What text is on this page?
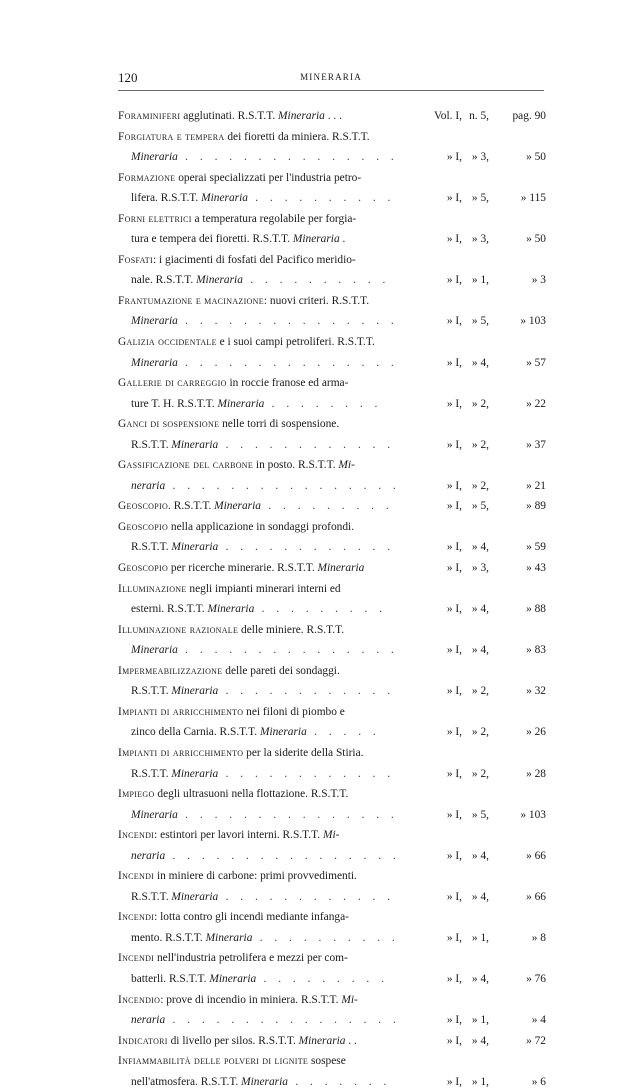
120	MINERARIA
Foraminiferi agglutinati. R.S.T.T. Mineraria . . .	Vol. I, n. 5, pag. 90
Forgiatura e tempera dei fioretti da miniera. R.S.T.T.
Mineraria . . . . . . . . . . . . . . .	» I, » 3,	» 50
Formazione operai specializzati per l'industria petro-
lifera. R.S.T.T. Mineraria . . . . . . . . . .	» I, » 5,	» 115
Forni elettrici a temperatura regolabile per forgia-
tura e tempera dei fioretti. R.S.T.T. Mineraria .	» I, » 3,	» 50
Fosfati: i giacimenti di fosfati del Pacifico meridio-
nale. R.S.T.T. Mineraria . . . . . . . . . .	» I, » 1,	» 3
Frantumazione e macinazione: nuovi criteri. R.S.T.T.
Mineraria . . . . . . . . . . . . . . .	» I, » 5,	» 103
Galizia occidentale e i suoi campi petroliferi. R.S.T.T.
Mineraria . . . . . . . . . . . . . . .	» I, » 4,	» 57
Gallerie di carreggio in roccie franose ed arma-
ture T. H. R.S.T.T. Mineraria . . . . . . . .	» I, » 2,	» 22
Ganci di sospensione nelle torri di sospensione.
R.S.T.T. Mineraria . . . . . . . . . . . .	» I, » 2,	» 37
Gassificazione del carbone in posto. R.S.T.T. Mi-
neraria . . . . . . . . . . . . . . . .	» I, » 2,	» 21
Geoscopio. R.S.T.T. Mineraria . . . . . . . . .	» I, » 5,	» 89
Geoscopio nella applicazione in sondaggi profondi.
R.S.T.T. Mineraria . . . . . . . . . . . .	» I, » 4,	» 59
Geoscopio per ricerche minerarie. R.S.T.T. Mineraria	» I, » 3,	» 43
Illuminazione negli impianti minerari interni ed
esterni. R.S.T.T. Mineraria . . . . . . . . .	» I, » 4,	» 88
Illuminazione razionale delle miniere. R.S.T.T.
Mineraria . . . . . . . . . . . . . . .	» I, » 4,	» 83
Impermeabilizzazione delle pareti dei sondaggi.
R.S.T.T. Mineraria . . . . . . . . . . . .	» I, » 2,	» 32
Impianti di arricchimento nei filoni di piombo e
zinco della Carnia. R.S.T.T. Mineraria . . . . .	» I, » 2,	» 26
Impianti di arricchimento per la siderite della Stiria.
R.S.T.T. Mineraria . . . . . . . . . . . .	» I, » 2,	» 28
Impiego degli ultrasuoni nella flottazione. R.S.T.T.
Mineraria . . . . . . . . . . . . . . .	» I, » 5,	» 103
Incendi: estintori per lavori interni. R.S.T.T. Mi-
neraria . . . . . . . . . . . . . . . .	» I, » 4,	» 66
Incendi in miniere di carbone: primi provvedimenti.
R.S.T.T. Mineraria . . . . . . . . . . . .	» I, » 4,	» 66
Incendi: lotta contro gli incendi mediante infanga-
mento. R.S.T.T. Mineraria . . . . . . . . . .	» I, » 1,	» 8
Incendi nell'industria petrolifera e mezzi per com-
batterli. R.S.T.T. Mineraria . . . . . . . . .	» I, » 4,	» 76
Incendio: prove di incendio in miniera. R.S.T.T. Mi-
neraria . . . . . . . . . . . . . . . .	» I, » 1,	» 4
Indicatori di livello per silos. R.S.T.T. Mineraria . .	» I, » 4,	» 72
Infiammabilità delle polveri di lignite sospese
nell'atmosfera. R.S.T.T. Mineraria . . . . . . .	» I, » 1,	» 6
